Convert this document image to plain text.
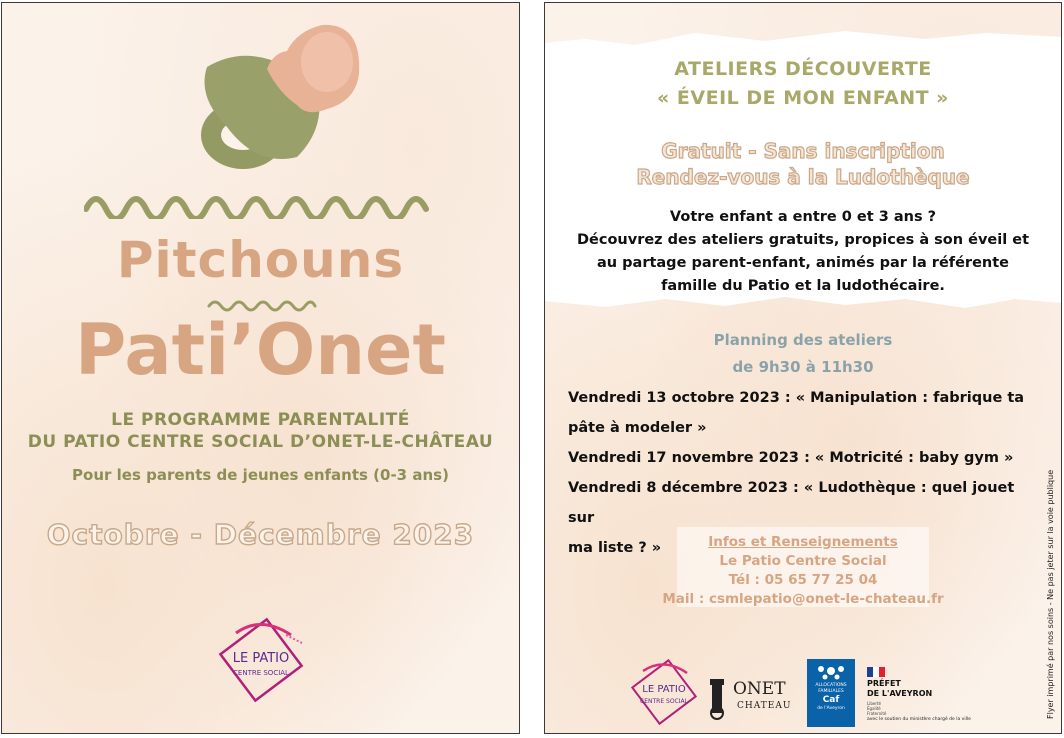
Pitchouns
Pati’Onet
LE PROGRAMME PARENTALITÉ
DU PATIO CENTRE SOCIAL D’ONET-LE-CHÂTEAU
Pour les parents de jeunes enfants (0-3 ans)
Octobre - Décembre 2023
LE PATIO
CENTRE SOCIAL
ATELIERS DÉCOUVERTE
« ÉVEIL DE MON ENFANT »
Gratuit - Sans inscription
Rendez-vous à la Ludothèque
Votre enfant a entre 0 et 3 ans ?
Découvrez des ateliers gratuits, propices à son éveil et
au partage parent-enfant, animés par la référente
famille du Patio et la ludothécaire.
Planning des ateliers
de 9h30 à 11h30

Vendredi 13 octobre 2023 : « Manipulation : fabrique ta

pâte à modeler »

Vendredi 17 novembre 2023 : « Motricité : baby gym »

Vendredi 8 décembre 2023 : « Ludothèque : quel jouet sur

ma liste ? »	Infos et Renseignements
Le Patio Centre Social
Tél : 05 65 77 25 04
Mail : csmlepatio@onet-le-chateau.fr	Flyer imprimé par nos soins - Ne pas jeter sur la voie publique
LE PATIO
CENTRE SOCIAL
ONET
CHATEAU
ALLOCATIONS
FAMILIALES
Caf
de l'Aveyron
PRÉFET
DE L'AVEYRON
Liberté
Égalité
Fraternité
avec le soutien du ministère chargé de la ville
